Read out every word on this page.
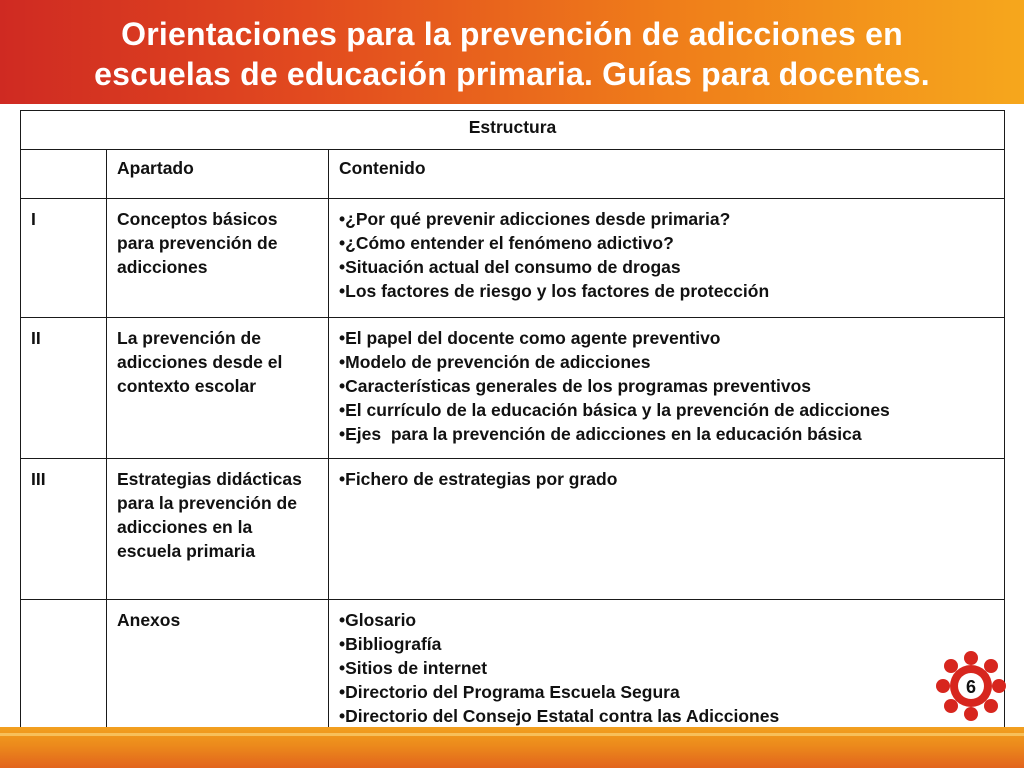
Orientaciones para la prevención de adicciones en
escuelas de educación primaria. Guías para docentes.
Estructura		
	Apartado	Contenido
I	Conceptos básicos para prevención de adicciones	•¿Por qué prevenir adicciones desde primaria?
•¿Cómo entender el fenómeno adictivo?
•Situación actual del consumo de drogas
•Los factores de riesgo y los factores de protección

II	La prevención de adicciones desde el contexto escolar	•El papel del docente como agente preventivo
•Modelo de prevención de adicciones
•Características generales de los programas preventivos
•El currículo de la educación básica y la prevención de adicciones
•Ejes  para la prevención de adicciones en la educación básica

III	Estrategias didácticas para la prevención de adicciones en la escuela primaria	•Fichero de estrategias por grado

	Anexos	•Glosario
•Bibliografía
•Sitios de internet
•Directorio del Programa Escuela Segura
•Directorio del Consejo Estatal contra las Adicciones
6
